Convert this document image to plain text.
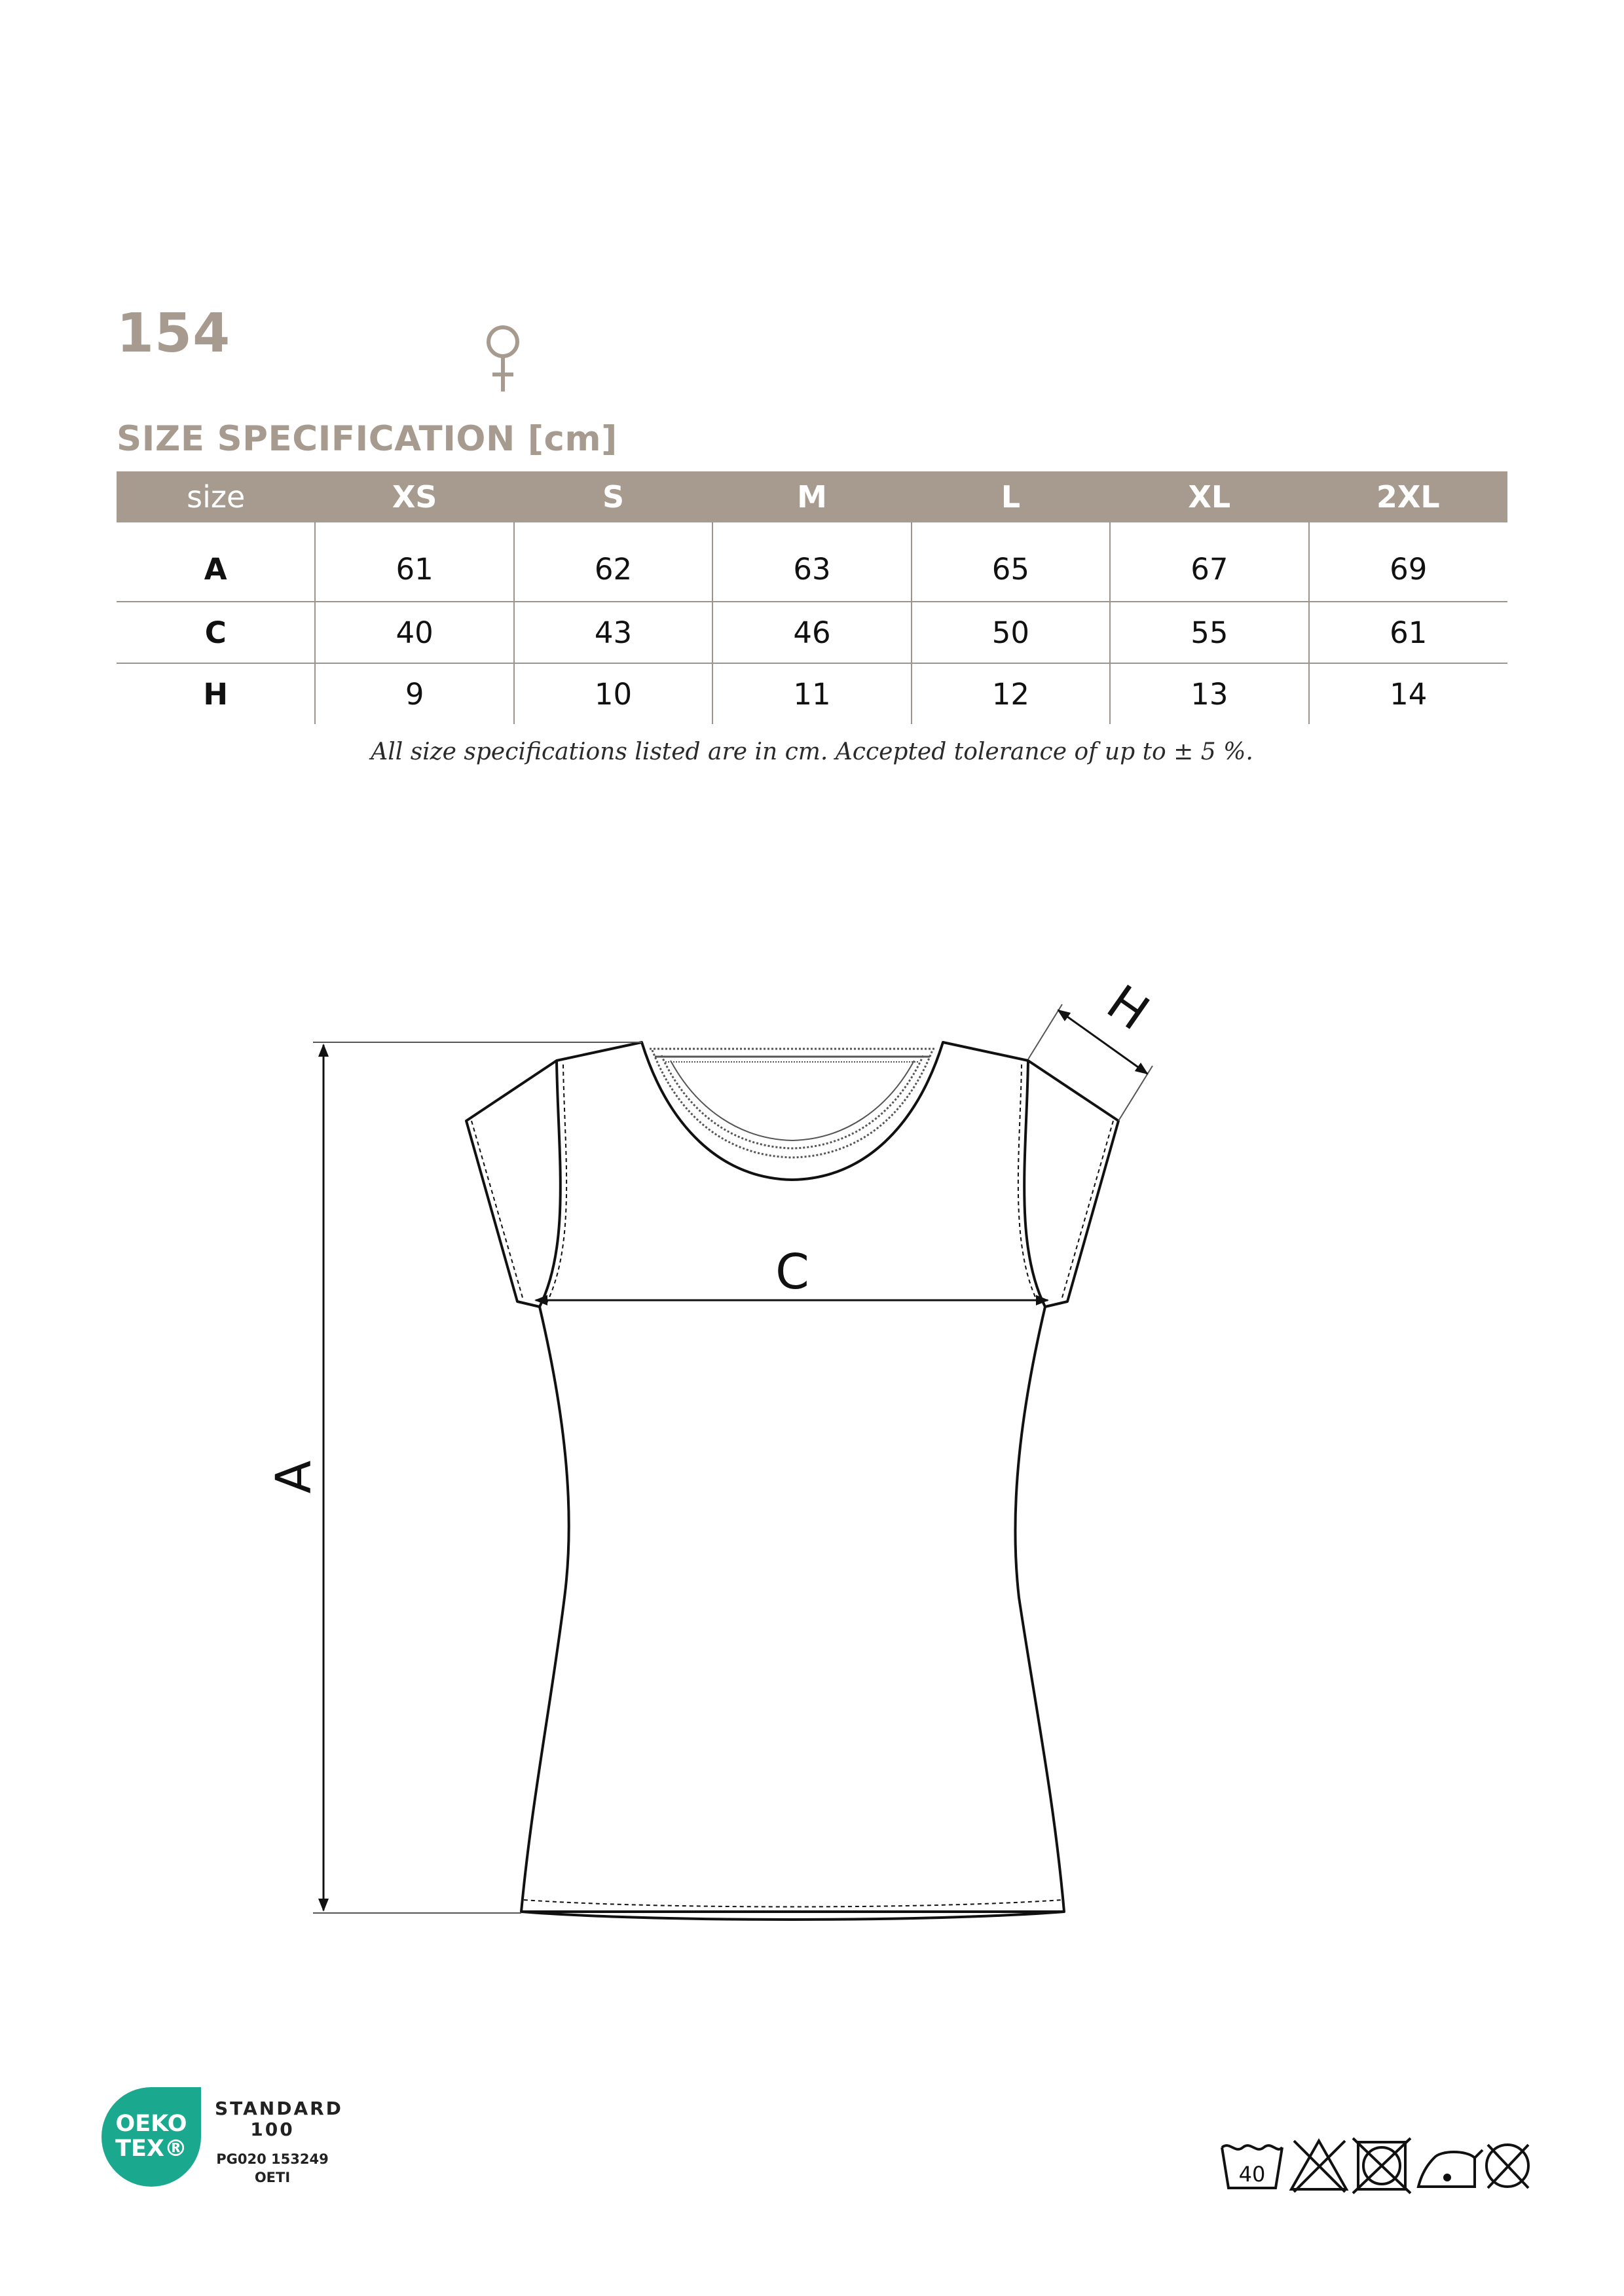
154
SIZE SPECIFICATION [cm]
size	XS	S	M	L	XL	2XL
A	61	62	63	65	67	69
C	40	43	46	50	55	61
H	9	10	11	12	13	14
All size specifications listed are in cm. Accepted tolerance of up to ± 5 %.
A
C
H
OEKO
TEX®
STANDARD
100
PG020 153249
OETI	40
